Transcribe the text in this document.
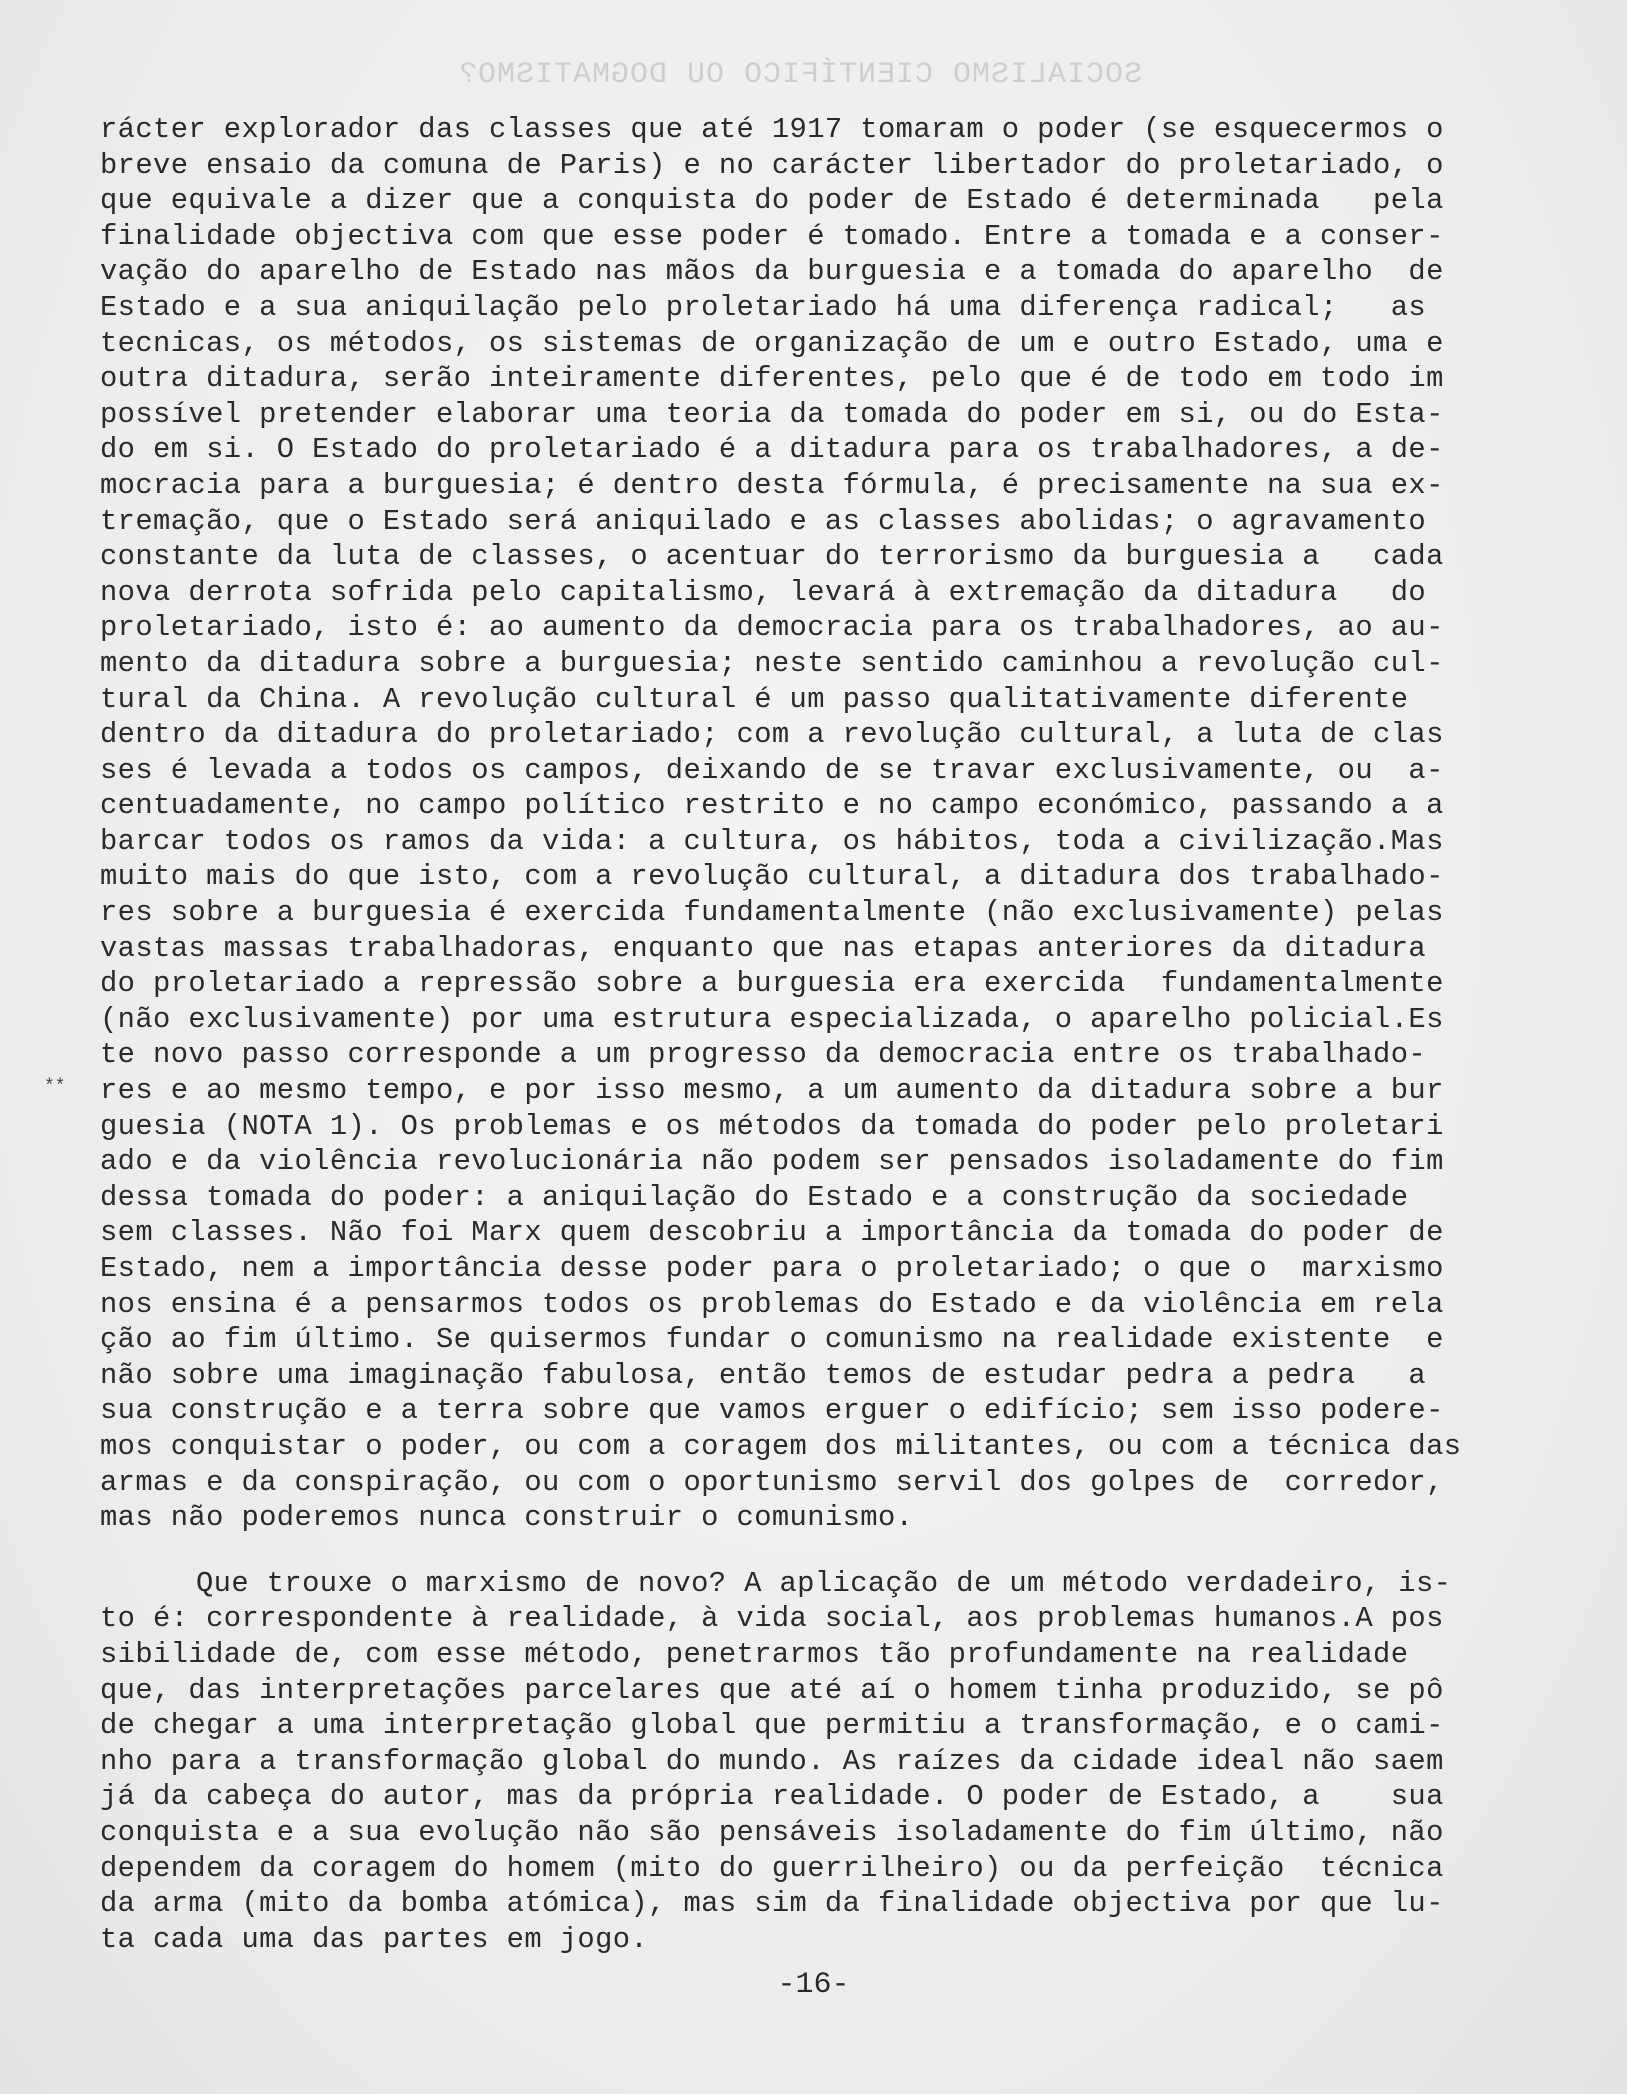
SOCIALISMO CIENTÍFICO OU DOGMATISMO?
**
rácter explorador das classes que até 1917 tomaram o poder (se esquecermos o
breve ensaio da comuna de Paris) e no carácter libertador do proletariado, o
que equivale a dizer que a conquista do poder de Estado é determinada   pela
finalidade objectiva com que esse poder é tomado. Entre a tomada e a conser-
vação do aparelho de Estado nas mãos da burguesia e a tomada do aparelho  de
Estado e a sua aniquilação pelo proletariado há uma diferença radical;   as
tecnicas, os métodos, os sistemas de organização de um e outro Estado, uma e
outra ditadura, serão inteiramente diferentes, pelo que é de todo em todo im
possível pretender elaborar uma teoria da tomada do poder em si, ou do Esta-
do em si. O Estado do proletariado é a ditadura para os trabalhadores, a de-
mocracia para a burguesia; é dentro desta fórmula, é precisamente na sua ex-
tremação, que o Estado será aniquilado e as classes abolidas; o agravamento
constante da luta de classes, o acentuar do terrorismo da burguesia a   cada
nova derrota sofrida pelo capitalismo, levará à extremação da ditadura   do
proletariado, isto é: ao aumento da democracia para os trabalhadores, ao au-
mento da ditadura sobre a burguesia; neste sentido caminhou a revolução cul-
tural da China. A revolução cultural é um passo qualitativamente diferente
dentro da ditadura do proletariado; com a revolução cultural, a luta de clas
ses é levada a todos os campos, deixando de se travar exclusivamente, ou  a-
centuadamente, no campo político restrito e no campo económico, passando a a
barcar todos os ramos da vida: a cultura, os hábitos, toda a civilização.Mas
muito mais do que isto, com a revolução cultural, a ditadura dos trabalhado-
res sobre a burguesia é exercida fundamentalmente (não exclusivamente) pelas
vastas massas trabalhadoras, enquanto que nas etapas anteriores da ditadura
do proletariado a repressão sobre a burguesia era exercida  fundamentalmente
(não exclusivamente) por uma estrutura especializada, o aparelho policial.Es
te novo passo corresponde a um progresso da democracia entre os trabalhado-
res e ao mesmo tempo, e por isso mesmo, a um aumento da ditadura sobre a bur
guesia (NOTA 1). Os problemas e os métodos da tomada do poder pelo proletari
ado e da violência revolucionária não podem ser pensados isoladamente do fim
dessa tomada do poder: a aniquilação do Estado e a construção da sociedade
sem classes. Não foi Marx quem descobriu a importância da tomada do poder de
Estado, nem a importância desse poder para o proletariado; o que o  marxismo
nos ensina é a pensarmos todos os problemas do Estado e da violência em rela
ção ao fim último. Se quisermos fundar o comunismo na realidade existente  e
não sobre uma imaginação fabulosa, então temos de estudar pedra a pedra   a
sua construção e a terra sobre que vamos erguer o edifício; sem isso podere-
mos conquistar o poder, ou com a coragem dos militantes, ou com a técnica das
armas e da conspiração, ou com o oportunismo servil dos golpes de  corredor,
mas não poderemos nunca construir o comunismo.
Que trouxe o marxismo de novo? A aplicação de um método verdadeiro, is-
to é: correspondente à realidade, à vida social, aos problemas humanos.A pos
sibilidade de, com esse método, penetrarmos tão profundamente na realidade
que, das interpretações parcelares que até aí o homem tinha produzido, se pô
de chegar a uma interpretação global que permitiu a transformação, e o cami-
nho para a transformação global do mundo. As raízes da cidade ideal não saem
já da cabeça do autor, mas da própria realidade. O poder de Estado, a    sua
conquista e a sua evolução não são pensáveis isoladamente do fim último, não
dependem da coragem do homem (mito do guerrilheiro) ou da perfeição  técnica
da arma (mito da bomba atómica), mas sim da finalidade objectiva por que lu-
ta cada uma das partes em jogo.
-16-
